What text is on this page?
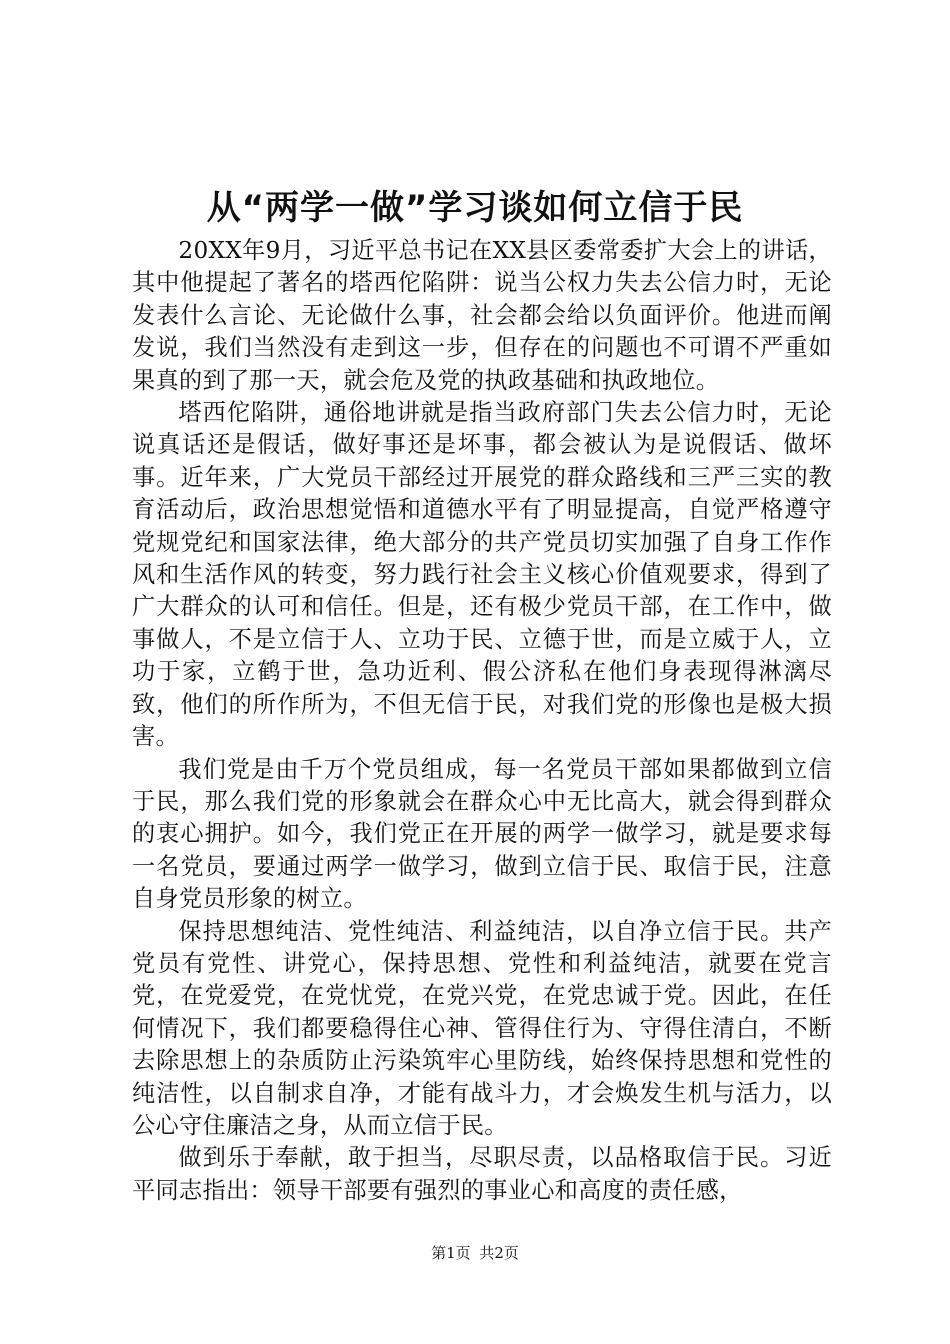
从“两学一做”学习谈如何立信于民

20XX年9月，习近平总书记在XX县区委常委扩大会上的讲话，其中他提起了著名的塔西佗陷阱：说当公权力失去公信力时，无论发表什么言论、无论做什么事，社会都会给以负面评价。他进而阐发说，我们当然没有走到这一步，但存在的问题也不可谓不严重如果真的到了那一天，就会危及党的执政基础和执政地位。

塔西佗陷阱，通俗地讲就是指当政府部门失去公信力时，无论说真话还是假话，做好事还是坏事，都会被认为是说假话、做坏事。近年来，广大党员干部经过开展党的群众路线和三严三实的教育活动后，政治思想觉悟和道德水平有了明显提高，自觉严格遵守党规党纪和国家法律，绝大部分的共产党员切实加强了自身工作作风和生活作风的转变，努力践行社会主义核心价值观要求，得到了广大群众的认可和信任。但是，还有极少党员干部，在工作中，做事做人，不是立信于人、立功于民、立德于世，而是立威于人，立功于家，立鹤于世，急功近利、假公济私在他们身表现得淋漓尽致，他们的所作所为，不但无信于民，对我们党的形像也是极大损害。

我们党是由千万个党员组成，每一名党员干部如果都做到立信于民，那么我们党的形象就会在群众心中无比高大，就会得到群众的衷心拥护。如今，我们党正在开展的两学一做学习，就是要求每一名党员，要通过两学一做学习，做到立信于民、取信于民，注意自身党员形象的树立。

保持思想纯洁、党性纯洁、利益纯洁，以自净立信于民。共产党员有党性、讲党心，保持思想、党性和利益纯洁，就要在党言党，在党爱党，在党忧党，在党兴党，在党忠诚于党。因此，在任何情况下，我们都要稳得住心神、管得住行为、守得住清白，不断去除思想上的杂质防止污染筑牢心里防线，始终保持思想和党性的纯洁性，以自制求自净，才能有战斗力，才会焕发生机与活力，以公心守住廉洁之身，从而立信于民。

做到乐于奉献，敢于担当，尽职尽责，以品格取信于民。习近平同志指出：领导干部要有强烈的事业心和高度的责任感，

第1页 共2页
